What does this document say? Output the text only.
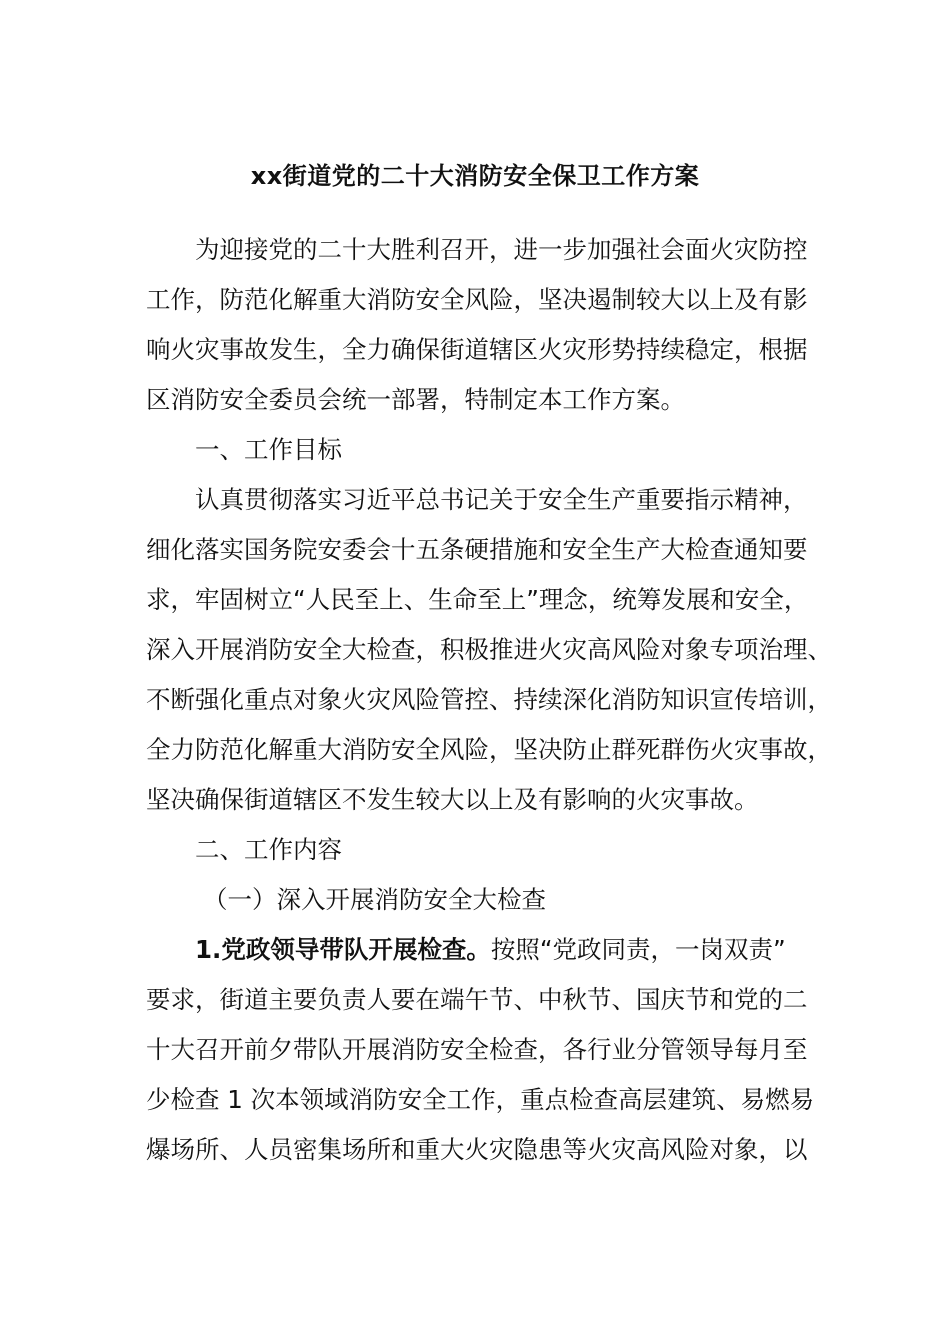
xx街道党的二十大消防安全保卫工作方案
为迎接党的二十大胜利召开，进一步加强社会面火灾防控
工作，防范化解重大消防安全风险，坚决遏制较大以上及有影
响火灾事故发生，全力确保街道辖区火灾形势持续稳定，根据
区消防安全委员会统一部署，特制定本工作方案。
一、工作目标
认真贯彻落实习近平总书记关于安全生产重要指示精神，
细化落实国务院安委会十五条硬措施和安全生产大检查通知要
求，牢固树立“人民至上、生命至上”理念，统筹发展和安全，
深入开展消防安全大检查，积极推进火灾高风险对象专项治理、
不断强化重点对象火灾风险管控、持续深化消防知识宣传培训，
全力防范化解重大消防安全风险，坚决防止群死群伤火灾事故，
坚决确保街道辖区不发生较大以上及有影响的火灾事故。
二、工作内容
（一）深入开展消防安全大检查
1.党政领导带队开展检查。按照“党政同责，一岗双责”
要求，街道主要负责人要在端午节、中秋节、国庆节和党的二
十大召开前夕带队开展消防安全检查，各行业分管领导每月至
少检查 1 次本领域消防安全工作，重点检查高层建筑、易燃易
爆场所、人员密集场所和重大火灾隐患等火灾高风险对象，以
